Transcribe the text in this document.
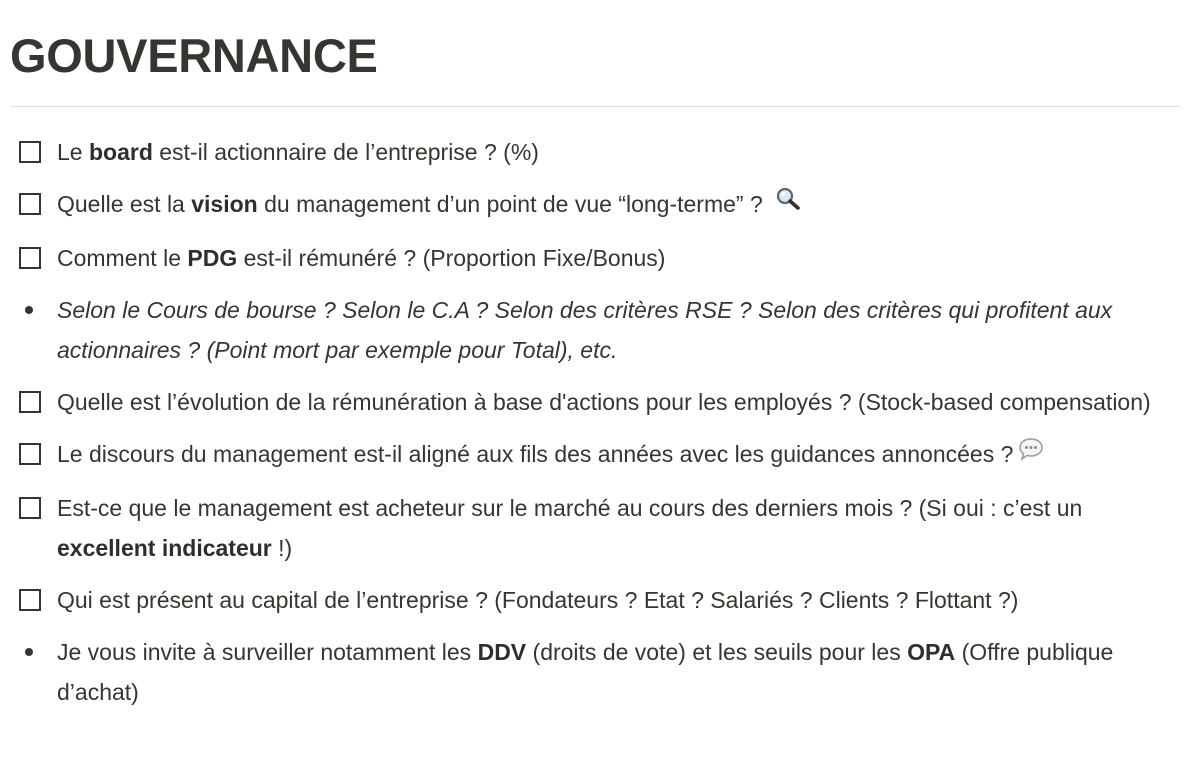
GOUVERNANCE
Le board est-il actionnaire de l’entreprise ? (%)
Quelle est la vision du management d’un point de vue “long-terme” ?
Comment le PDG est-il rémunéré ? (Proportion Fixe/Bonus)
Selon le Cours de bourse ? Selon le C.A ? Selon des critères RSE ? Selon des critères qui profitent aux actionnaires ? (Point mort par exemple pour Total), etc.
Quelle est l’évolution de la rémunération à base d'actions pour les employés ? (Stock-based compensation)
Le discours du management est-il aligné aux fils des années avec les guidances annoncées ?
Est-ce que le management est acheteur sur le marché au cours des derniers mois ? (Si oui : c’est un excellent indicateur !)
Qui est présent au capital de l’entreprise ? (Fondateurs ? Etat ? Salariés ? Clients ? Flottant ?)
Je vous invite à surveiller notamment les DDV (droits de vote) et les seuils pour les OPA (Offre publique d’achat)
